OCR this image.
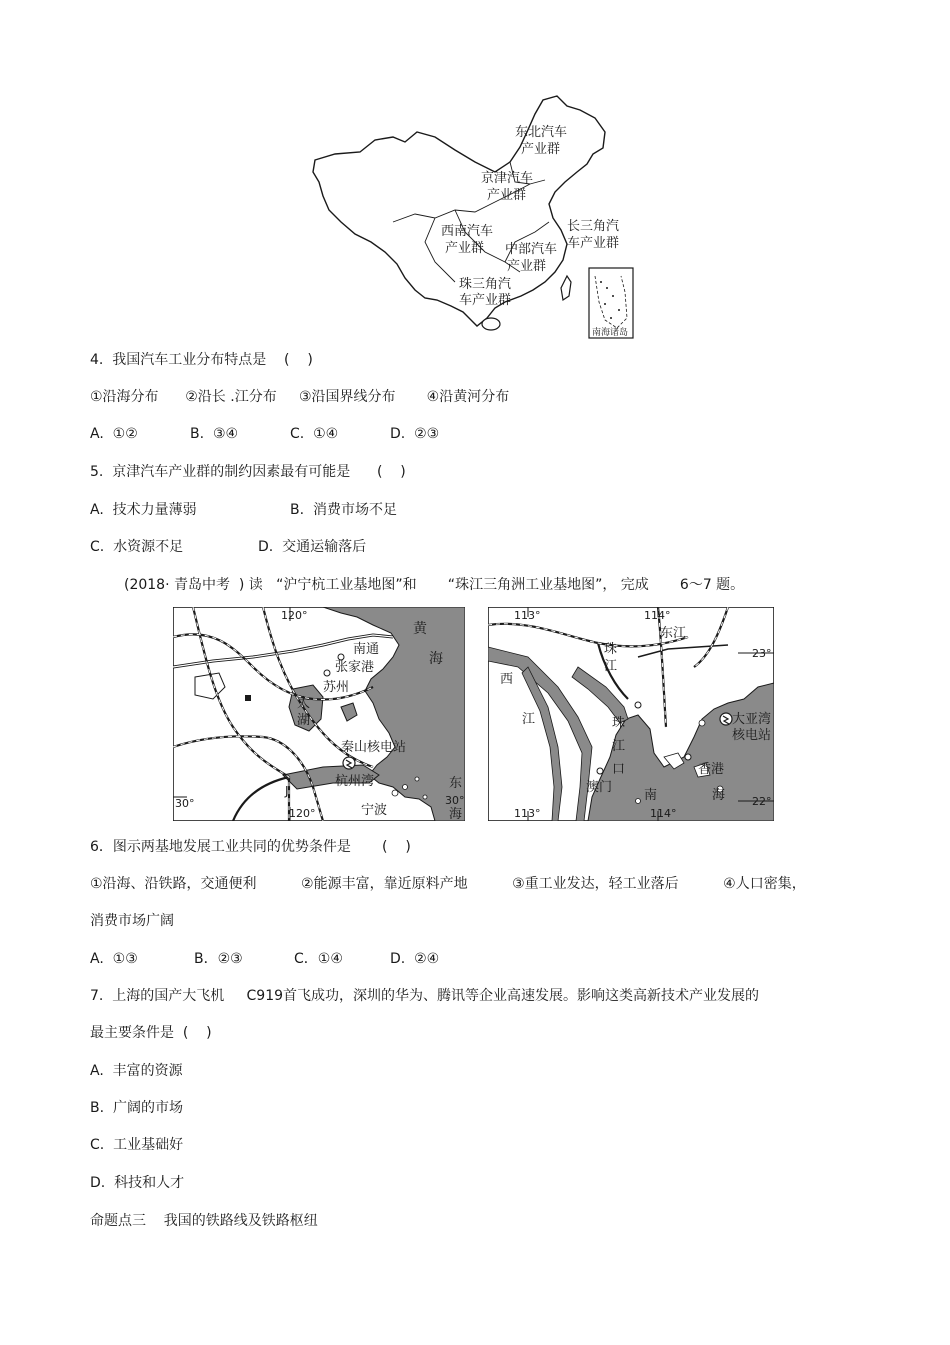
东北汽车产业群
京津汽车产业群
西南汽车产业群	中部汽车产业群
长三角汽车产业群
珠三角汽车产业群
南海诸岛
4.  我国汽车工业分布特点是    (    )
①沿海分布      ②沿长 .江分布     ③沿国界线分布       ④沿黄河分布
A.  ①②	B.  ③④	C.  ①④	D.  ②③
5.  京津汽车产业群的制约因素最有可能是      (    )
A.  技术力量薄弱	B.  消费市场不足
C.  水资源不足	D.  交通运输落后
(2018· 青岛中考  ) 读   “沪宁杭工业基地图”和       “珠江三角洲工业基地图”， 完成       6～7 题。
120°
120°
30°	30°
南通
张家港
苏州
太
湖
秦山核电站
杭州湾
宁波
黄
海
东
海
J
113°	114°
113°	114°
23°
22°
东江
珠
江
西
江	珠
江
口
澳门
香港
南	海
大亚湾
核电站
6．图示两基地发展工业共同的优势条件是       (    )
①沿海、沿铁路，交通便利          ②能源丰富，靠近原料产地          ③重工业发达，轻工业落后          ④人口密集，
消费市场广阔
A.  ①③	B．②③	C．①④	D.  ②④
7.  上海的国产大飞机     C919首飞成功，深圳的华为、腾讯等企业高速发展。影响这类高新技术产业发展的
最主要条件是  (    )
A.  丰富的资源
B.  广阔的市场
C.  工业基础好
D.  科技和人才
命题点三    我国的铁路线及铁路枢纽
